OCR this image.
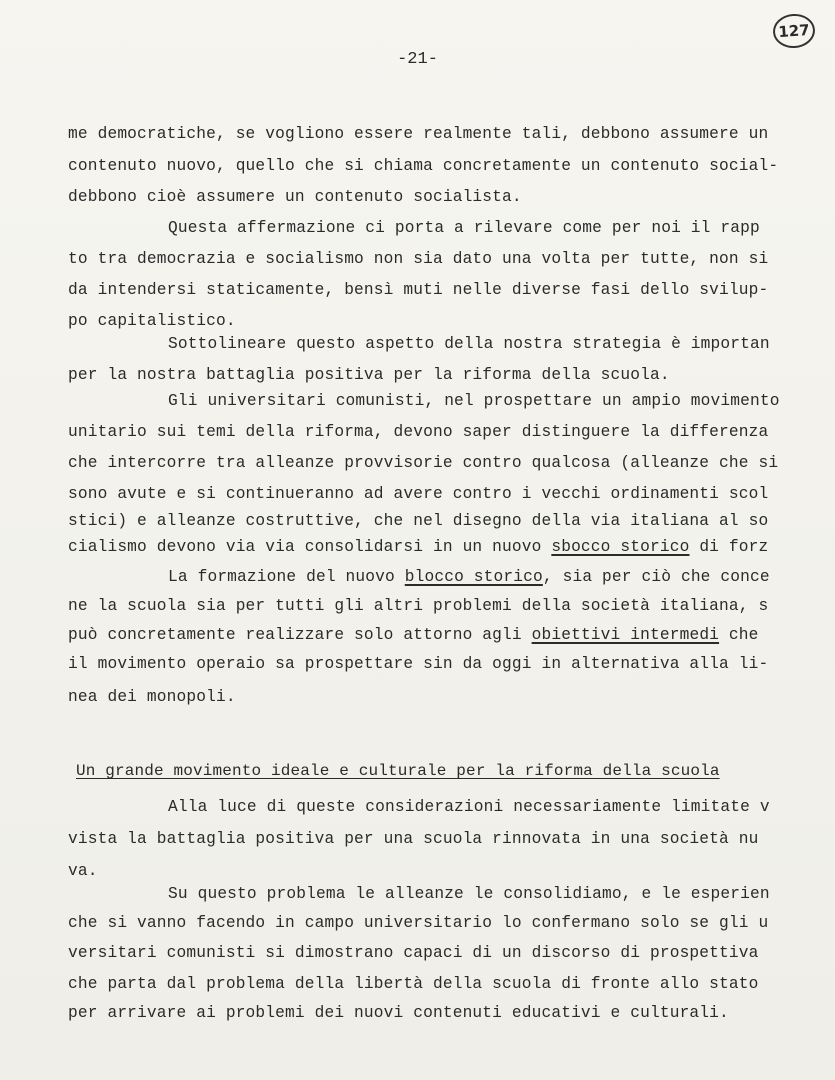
127
-21-
me democratiche, se vogliono essere realmente tali, debbono assumere un
contenuto nuovo, quello che si chiama concretamente un contenuto social-
debbono cioè assumere un contenuto socialista.
Questa affermazione ci porta a rilevare come per noi il rapp
to tra democrazia e socialismo non sia dato una volta per tutte, non si
da intendersi staticamente, bensì muti nelle diverse fasi dello svilup-
po capitalistico.
Sottolineare questo aspetto della nostra strategia è importan
per la nostra battaglia positiva per la riforma della scuola.
Gli universitari comunisti, nel prospettare un ampio movimento
unitario sui temi della riforma, devono saper distinguere la differenza
che intercorre tra alleanze provvisorie contro qualcosa (alleanze che si
sono avute e si continueranno ad avere contro i vecchi ordinamenti scol
stici) e alleanze costruttive, che nel disegno della via italiana al so
cialismo devono via via consolidarsi in un nuovo sbocco storico di forz
La formazione del nuovo blocco storico, sia per ciò che conce
ne la scuola sia per tutti gli altri problemi della società italiana, s
può concretamente realizzare solo attorno agli obiettivi intermedi che
il movimento operaio sa prospettare sin da oggi in alternativa alla li-
nea dei monopoli.
Un grande movimento ideale e culturale per la riforma della scuola
Alla luce di queste considerazioni necessariamente limitate v
vista la battaglia positiva per una scuola rinnovata in una società nu
va.
Su questo problema le alleanze le consolidiamo, e le esperien
che si vanno facendo in campo universitario lo confermano solo se gli u
versitari comunisti si dimostrano capaci di un discorso di prospettiva
che parta dal problema della libertà della scuola di fronte allo stato
per arrivare ai problemi dei nuovi contenuti educativi e culturali.
